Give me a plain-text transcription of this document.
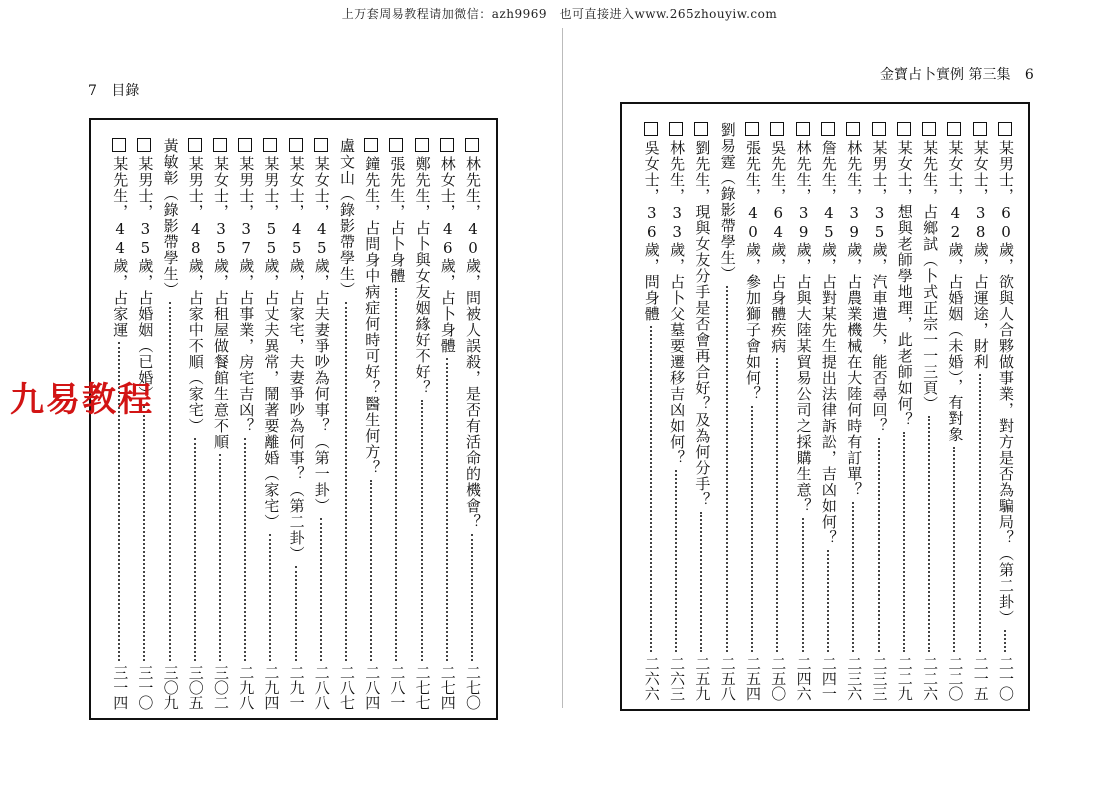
上万套周易教程请加微信：azh9969　也可直接进入www.265zhouyiw.com
7 目錄
金寶占卜實例 第三集 6
林先生，40歲，問被人誤殺，是否有活命的機會？
二七〇
林女士，46歲，占卜身體
二七四
鄭先生，占卜與女友姻緣好不好？
二七七
張先生，占卜身體
二八一
鐘先生，占問身中病症何時可好？醫生何方？
二八四
盧文山（錄影帶學生）
二八七
某女士，45歲，占夫妻爭吵為何事？（第一卦）
二八八
某女士，45歲，占家宅，夫妻爭吵為何事？（第二卦）
二九一
某男士，55歲，占丈夫異常，鬧著要離婚（家宅）
二九四
某男士，37歲，占事業，房宅吉凶？
二九八
某女士，35歲，占租屋做餐館生意不順
三〇二
某男士，48歲，占家中不順（家宅）
三〇五
黃敏彰（錄影帶學生）
三〇九
某男士，35歲，占婚姻（已婚）
三一〇
某先生，44歲，占家運
三一四
某男士，60歲，欲與人合夥做事業，對方是否為騙局？（第二卦）
二一〇
某女士，38歲，占運途，財利
二一五
某女士，42歲，占婚姻（未婚），有對象
二二〇
某先生，占鄉試（卜式正宗一一三頁）
二二六
某女士，想與老師學地理，此老師如何？
二二九
某男士，35歲，汽車遺失，能否尋回？
二三三
林先生，39歲，占農業機械在大陸何時有訂單？
二三六
詹先生，45歲，占對某先生提出法律訴訟，吉凶如何？
二四一
林先生，39歲，占與大陸某貿易公司之採購生意？
二四六
吳先生，64歲，占身體疾病
二五〇
張先生，40歲，參加獅子會如何？
二五四
劉易霆（錄影帶學生）
二五八
劉先生，現與女友分手是否會再合好？及為何分手？
二五九
林先生，33歲，占卜父墓要遷移吉凶如何？
二六三
吳女士，36歲，問身體
二六六
九易教程
